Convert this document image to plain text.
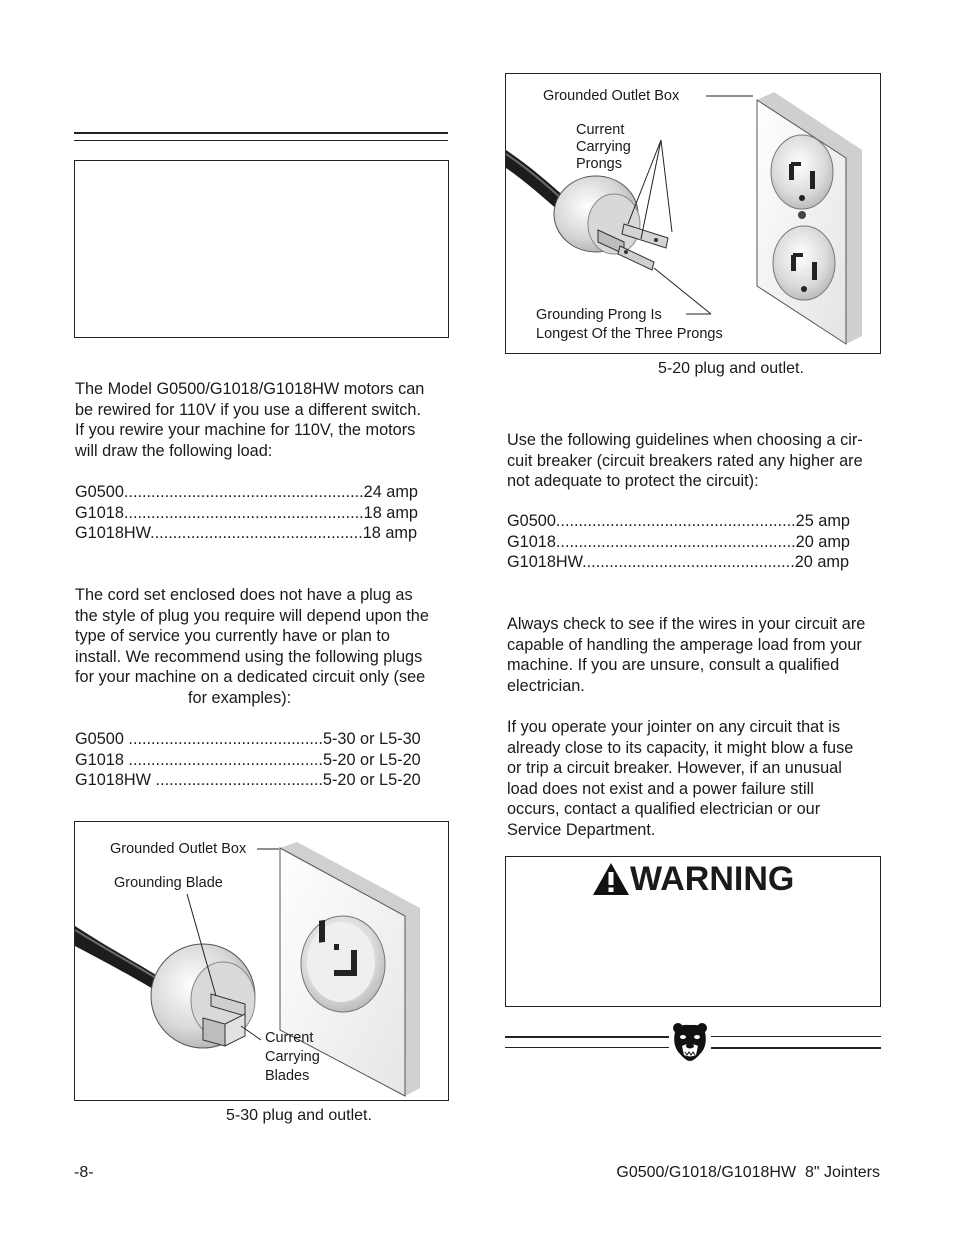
The Model G0500/G1018/G1018HW motors can
be rewired for 110V if you use a different switch.
If you rewire your machine for 110V, the motors
will draw the following load:
G0500.....................................................24 amp
G1018.....................................................18 amp
G1018HW...............................................18 amp
The cord set enclosed does not have a plug as
the style of plug you require will depend upon the
type of service you currently have or plan to
install. We recommend using the following plugs
for your machine on a dedicated circuit only (see
for examples):
G0500 ...........................................5-30 or L5-30
G1018 ...........................................5-20 or L5-20
G1018HW .....................................5-20 or L5-20
Grounded Outlet Box
Grounding Blade
Current
Carrying
Blades
5-30 plug and outlet.
Grounded Outlet Box
Current
Carrying
Prongs
Grounding Prong Is
Longest Of the Three Prongs
5-20 plug and outlet.
Use the following guidelines when choosing a cir-
cuit breaker (circuit breakers rated any higher are
not adequate to protect the circuit):
G0500.....................................................25 amp
G1018.....................................................20 amp
G1018HW...............................................20 amp
Always check to see if the wires in your circuit are
capable of handling the amperage load from your
machine. If you are unsure, consult a qualified
electrician.
If you operate your jointer on any circuit that is
already close to its capacity, it might blow a fuse
or trip a circuit breaker. However, if an unusual
load does not exist and a power failure still
occurs, contact a qualified electrician or our
Service Department.
WARNING
-8-	G0500/G1018/G1018HW  8" Jointers
